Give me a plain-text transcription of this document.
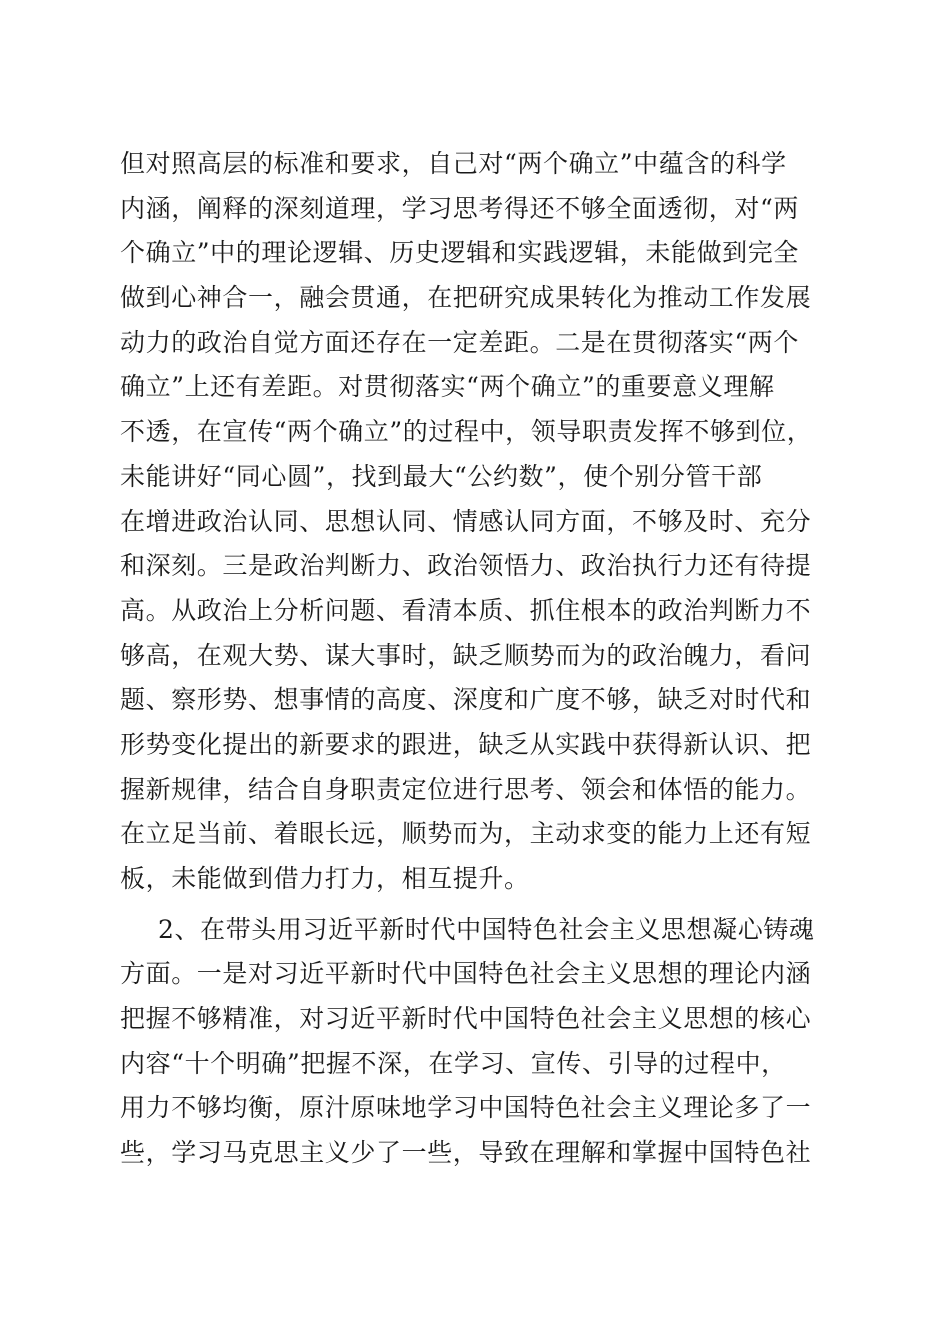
但对照高层的标准和要求，自己对“两个确立”中蕴含的科学
内涵，阐释的深刻道理，学习思考得还不够全面透彻，对“两
个确立”中的理论逻辑、历史逻辑和实践逻辑，未能做到完全
做到心神合一，融会贯通，在把研究成果转化为推动工作发展
动力的政治自觉方面还存在一定差距。二是在贯彻落实“两个
确立”上还有差距。对贯彻落实“两个确立”的重要意义理解
不透，在宣传“两个确立”的过程中，领导职责发挥不够到位，
未能讲好“同心圆”，找到最大“公约数”，使个别分管干部
在增进政治认同、思想认同、情感认同方面，不够及时、充分
和深刻。三是政治判断力、政治领悟力、政治执行力还有待提
高。从政治上分析问题、看清本质、抓住根本的政治判断力不
够高，在观大势、谋大事时，缺乏顺势而为的政治魄力，看问
题、察形势、想事情的高度、深度和广度不够，缺乏对时代和
形势变化提出的新要求的跟进，缺乏从实践中获得新认识、把
握新规律，结合自身职责定位进行思考、领会和体悟的能力。
在立足当前、着眼长远，顺势而为，主动求变的能力上还有短
板，未能做到借力打力，相互提升。
2、在带头用习近平新时代中国特色社会主义思想凝心铸魂
方面。一是对习近平新时代中国特色社会主义思想的理论内涵
把握不够精准，对习近平新时代中国特色社会主义思想的核心
内容“十个明确”把握不深，在学习、宣传、引导的过程中，
用力不够均衡，原汁原味地学习中国特色社会主义理论多了一
些，学习马克思主义少了一些，导致在理解和掌握中国特色社
